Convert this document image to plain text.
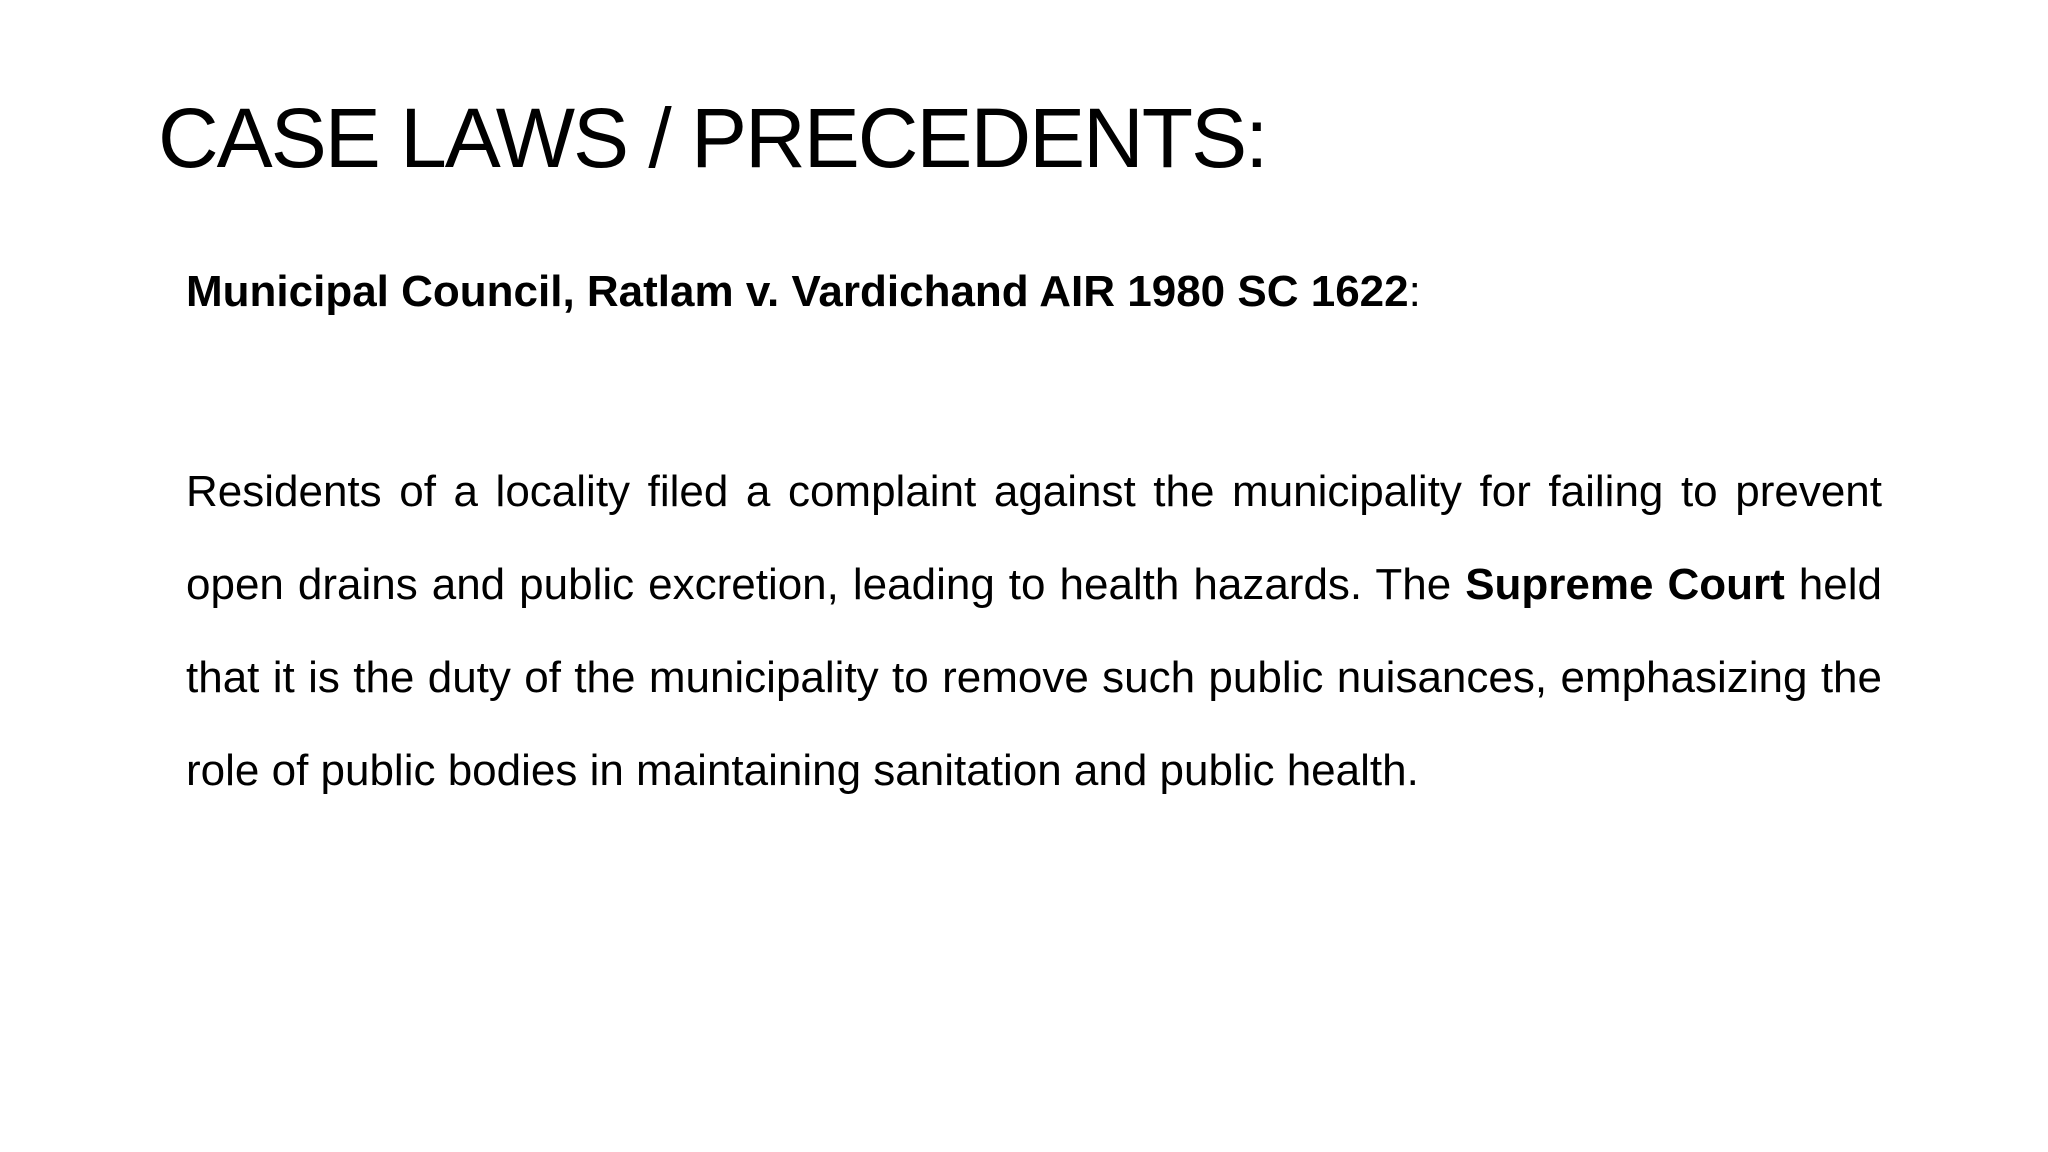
CASE LAWS / PRECEDENTS:

Municipal Council, Ratlam v. Vardichand AIR 1980 SC 1622:

Residents of a locality filed a complaint against the municipality for failing to prevent open drains and public excretion, leading to health hazards. The Supreme Court held that it is the duty of the municipality to remove such public nuisances, emphasizing the role of public bodies in maintaining sanitation and public health.
